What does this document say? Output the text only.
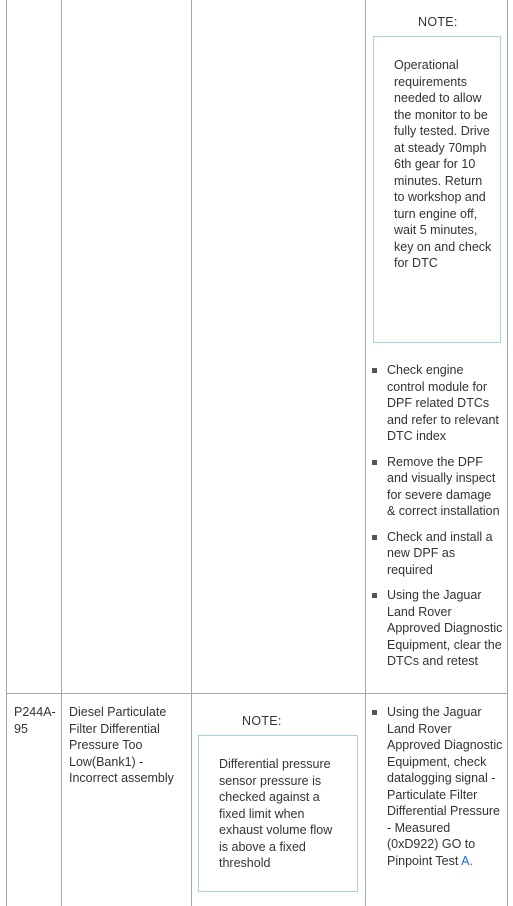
NOTE:
Operational requirements needed to allow the monitor to be fully tested. Drive at steady 70mph 6th gear for 10 minutes. Return to workshop and turn engine off, wait 5 minutes, key on and check for DTC
Check engine control module for DPF related DTCs and refer to relevant DTC index
Remove the DPF and visually inspect for severe damage & correct installation
Check and install a new DPF as required
Using the Jaguar Land Rover Approved Diagnostic Equipment, clear the DTCs and retest
P244A-95
Diesel Particulate Filter Differential Pressure Too Low(Bank1) - Incorrect assembly
NOTE:
Differential pressure sensor pressure is checked against a fixed limit when exhaust volume flow is above a fixed threshold
Using the Jaguar Land Rover Approved Diagnostic Equipment, check datalogging signal - Particulate Filter Differential Pressure - Measured (0xD922) GO to Pinpoint Test A.
